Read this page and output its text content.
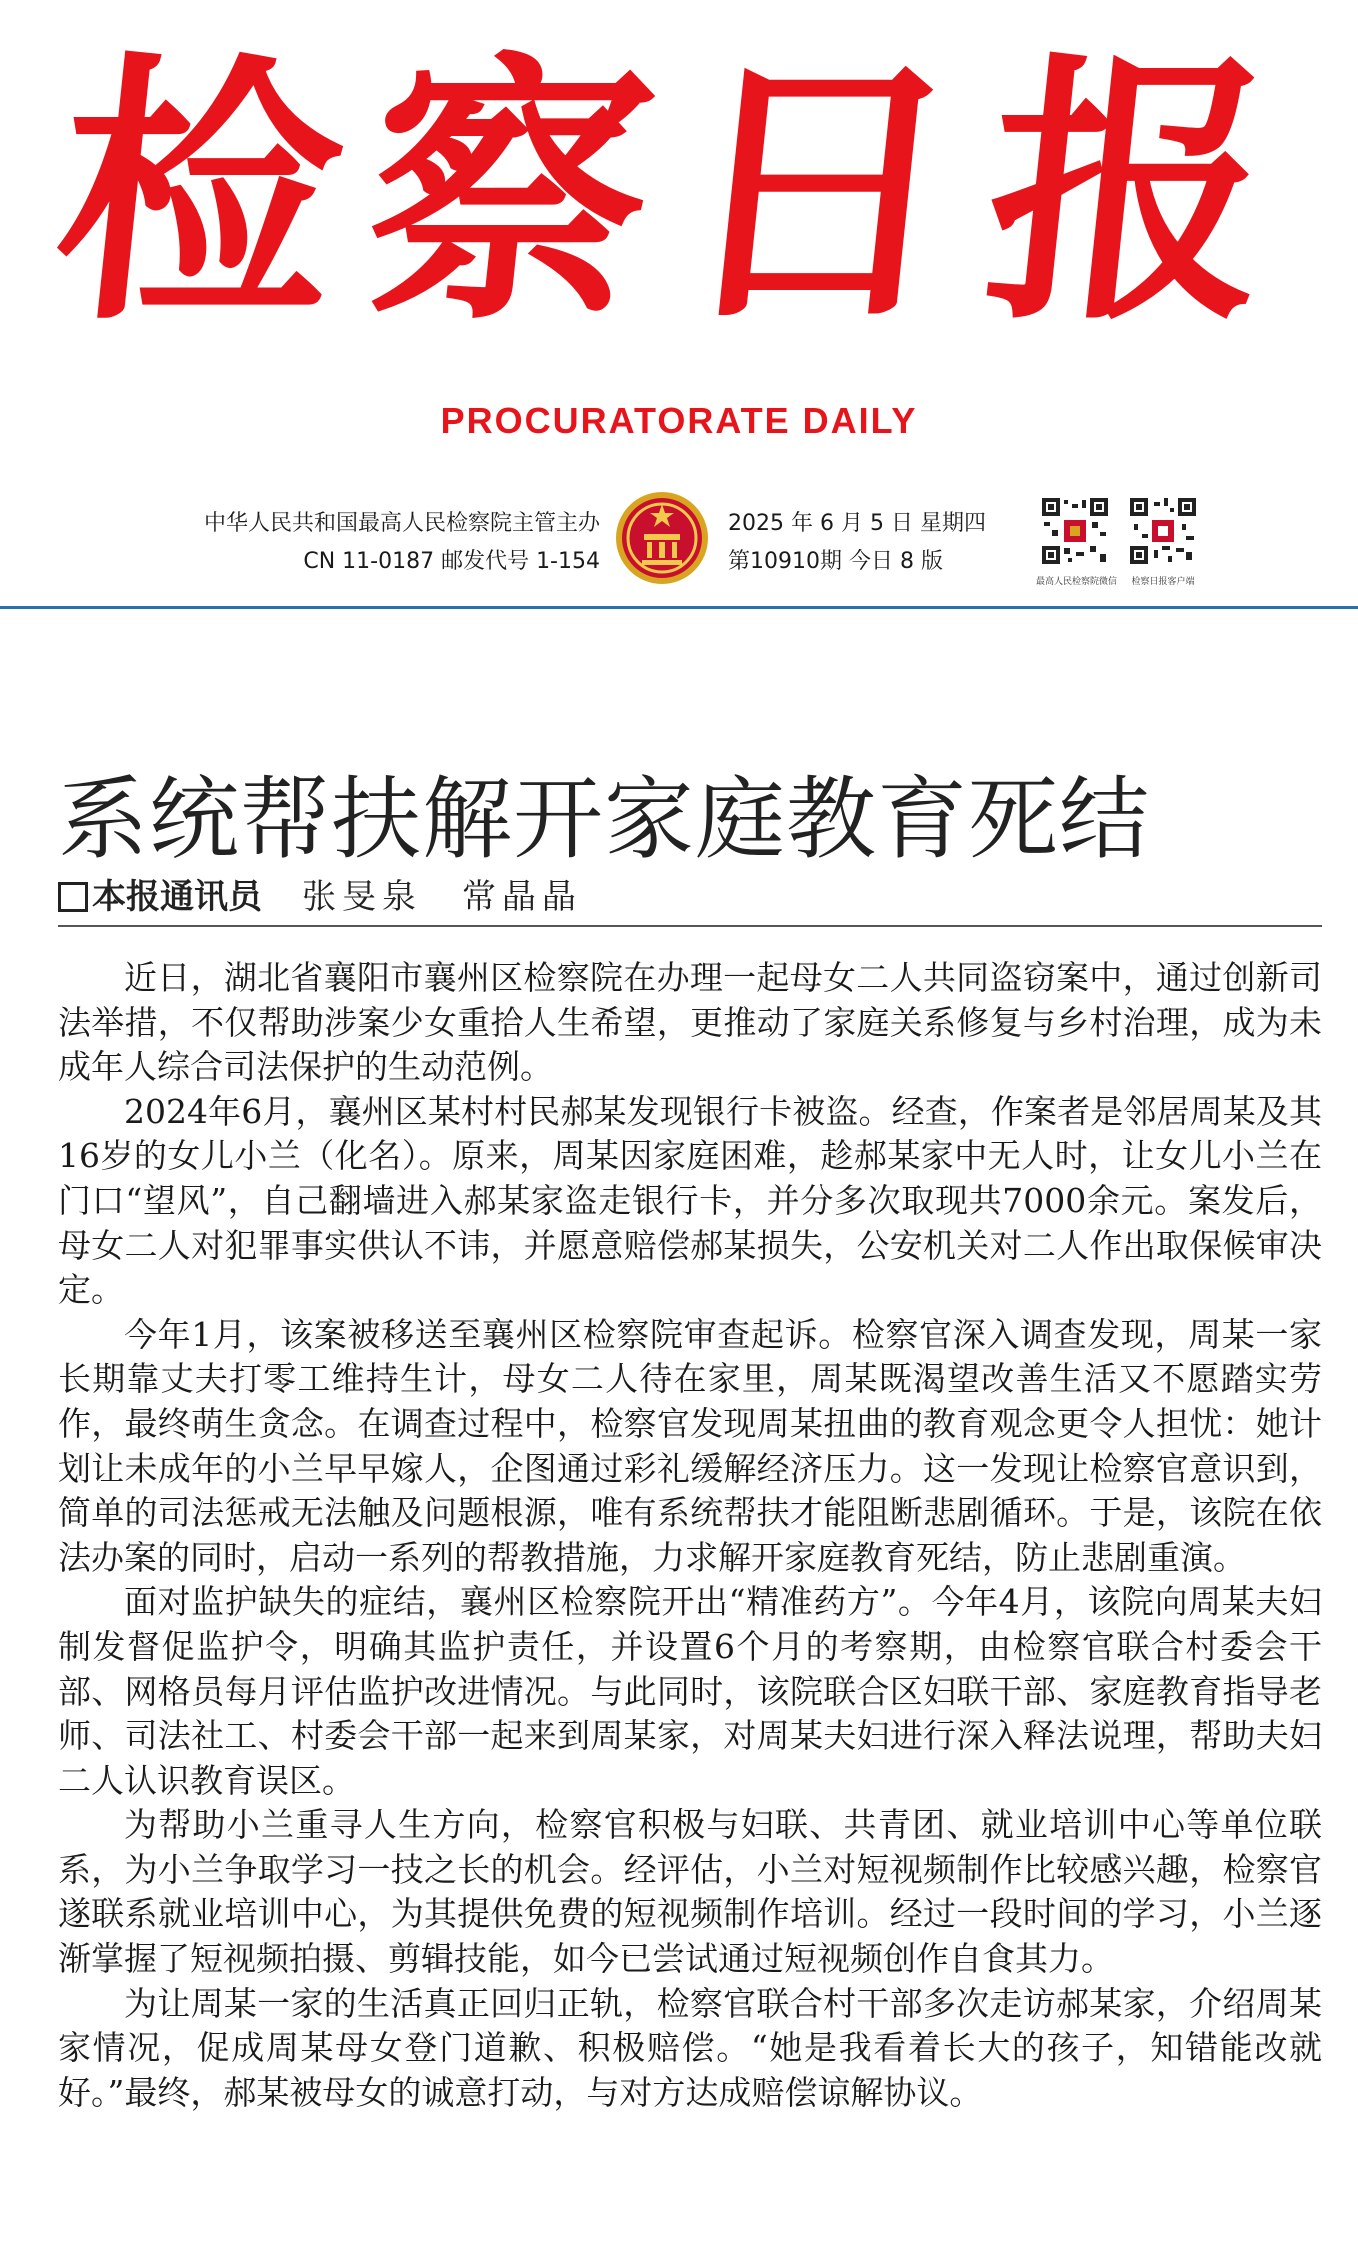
检察日报
PROCURATORATE DAILY
中华人民共和国最高人民检察院主管主办
CN 11-0187 邮发代号 1-154
2025 年 6 月 5 日 星期四
第10910期 今日 8 版
最高人民检察院微信	检察日报客户端
系统帮扶解开家庭教育死结
本报通讯员 张旻泉 常晶晶

近日，湖北省襄阳市襄州区检察院在办理一起母女二人共同盗窃案中，通过创新司法举措，不仅帮助涉案少女重拾人生希望，更推动了家庭关系修复与乡村治理，成为未成年人综合司法保护的生动范例。

2024年6月，襄州区某村村民郝某发现银行卡被盗。经查，作案者是邻居周某及其16岁的女儿小兰（化名）。原来，周某因家庭困难，趁郝某家中无人时，让女儿小兰在门口“望风”，自己翻墙进入郝某家盗走银行卡，并分多次取现共7000余元。案发后，母女二人对犯罪事实供认不讳，并愿意赔偿郝某损失，公安机关对二人作出取保候审决定。

今年1月，该案被移送至襄州区检察院审查起诉。检察官深入调查发现，周某一家长期靠丈夫打零工维持生计，母女二人待在家里，周某既渴望改善生活又不愿踏实劳作，最终萌生贪念。在调查过程中，检察官发现周某扭曲的教育观念更令人担忧：她计划让未成年的小兰早早嫁人，企图通过彩礼缓解经济压力。这一发现让检察官意识到，简单的司法惩戒无法触及问题根源，唯有系统帮扶才能阻断悲剧循环。于是，该院在依法办案的同时，启动一系列的帮教措施，力求解开家庭教育死结，防止悲剧重演。

面对监护缺失的症结，襄州区检察院开出“精准药方”。今年4月，该院向周某夫妇制发督促监护令，明确其监护责任，并设置6个月的考察期，由检察官联合村委会干部、网格员每月评估监护改进情况。与此同时，该院联合区妇联干部、家庭教育指导老师、司法社工、村委会干部一起来到周某家，对周某夫妇进行深入释法说理，帮助夫妇二人认识教育误区。

为帮助小兰重寻人生方向，检察官积极与妇联、共青团、就业培训中心等单位联系，为小兰争取学习一技之长的机会。经评估，小兰对短视频制作比较感兴趣，检察官遂联系就业培训中心，为其提供免费的短视频制作培训。经过一段时间的学习，小兰逐渐掌握了短视频拍摄、剪辑技能，如今已尝试通过短视频创作自食其力。

为让周某一家的生活真正回归正轨，检察官联合村干部多次走访郝某家，介绍周某家情况，促成周某母女登门道歉、积极赔偿。“她是我看着长大的孩子，知错能改就好。”最终，郝某被母女的诚意打动，与对方达成赔偿谅解协议。
